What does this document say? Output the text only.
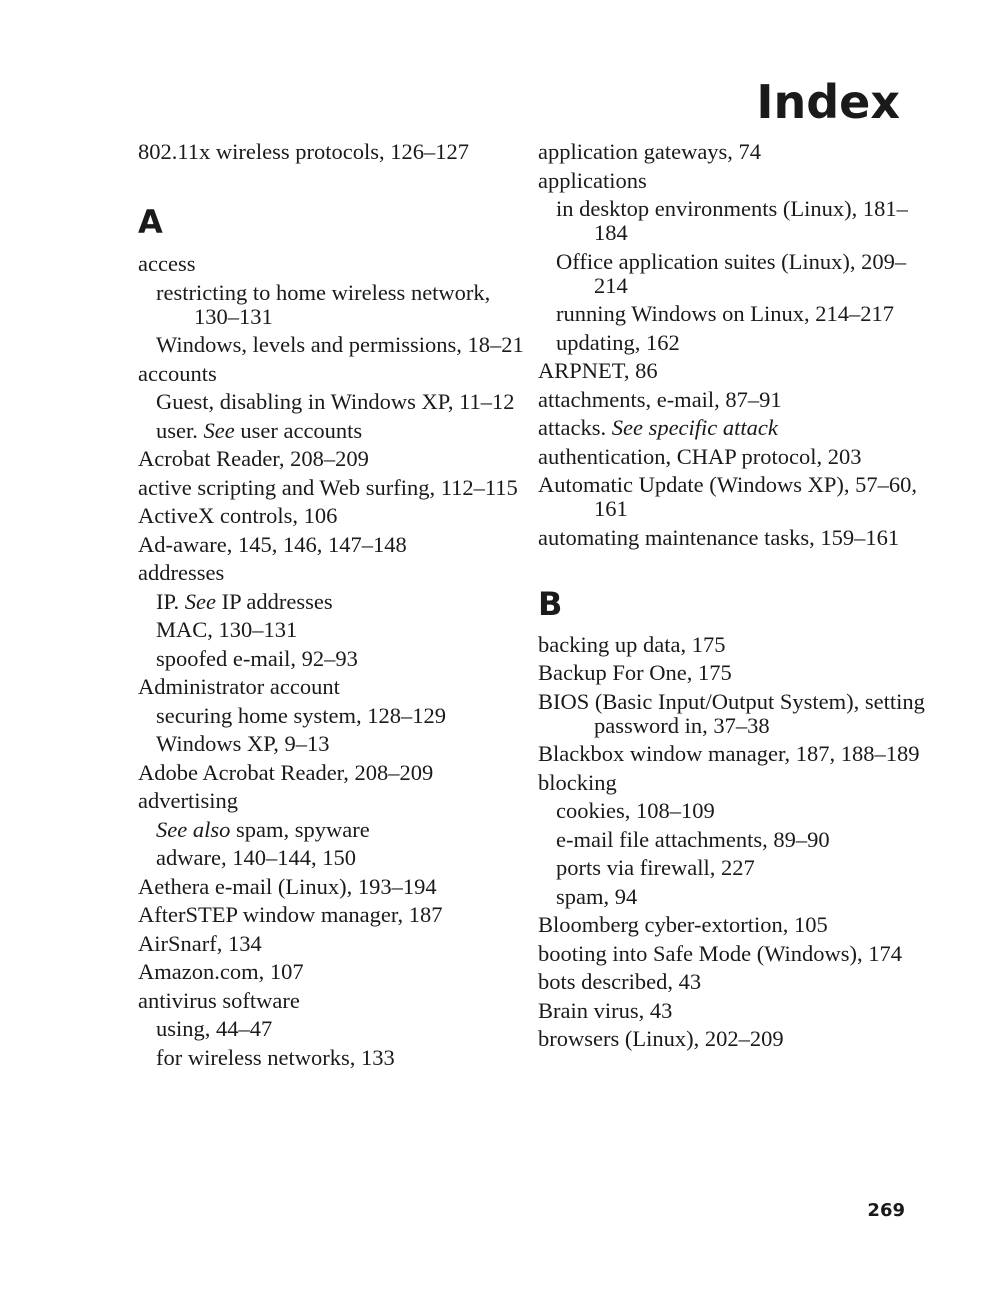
Index
802.11x wireless protocols, 126–127
A
access
restricting to home wireless network, 130–131
Windows, levels and permissions, 18–21
accounts
Guest, disabling in Windows XP, 11–12
user. See user accounts
Acrobat Reader, 208–209
active scripting and Web surfing, 112–115
ActiveX controls, 106
Ad-aware, 145, 146, 147–148
addresses
IP. See IP addresses
MAC, 130–131
spoofed e-mail, 92–93
Administrator account
securing home system, 128–129
Windows XP, 9–13
Adobe Acrobat Reader, 208–209
advertising
See also spam, spyware
adware, 140–144, 150
Aethera e-mail (Linux), 193–194
AfterSTEP window manager, 187
AirSnarf, 134
Amazon.com, 107
antivirus software
using, 44–47
for wireless networks, 133
application gateways, 74
applications
in desktop environments (Linux), 181–184
Office application suites (Linux), 209–214
running Windows on Linux, 214–217
updating, 162
ARPNET, 86
attachments, e-mail, 87–91
attacks. See specific attack
authentication, CHAP protocol, 203
Automatic Update (Windows XP), 57–60, 161
automating maintenance tasks, 159–161
B
backing up data, 175
Backup For One, 175
BIOS (Basic Input/Output System), setting password in, 37–38
Blackbox window manager, 187, 188–189
blocking
cookies, 108–109
e-mail file attachments, 89–90
ports via firewall, 227
spam, 94
Bloomberg cyber-extortion, 105
booting into Safe Mode (Windows), 174
bots described, 43
Brain virus, 43
browsers (Linux), 202–209
269
